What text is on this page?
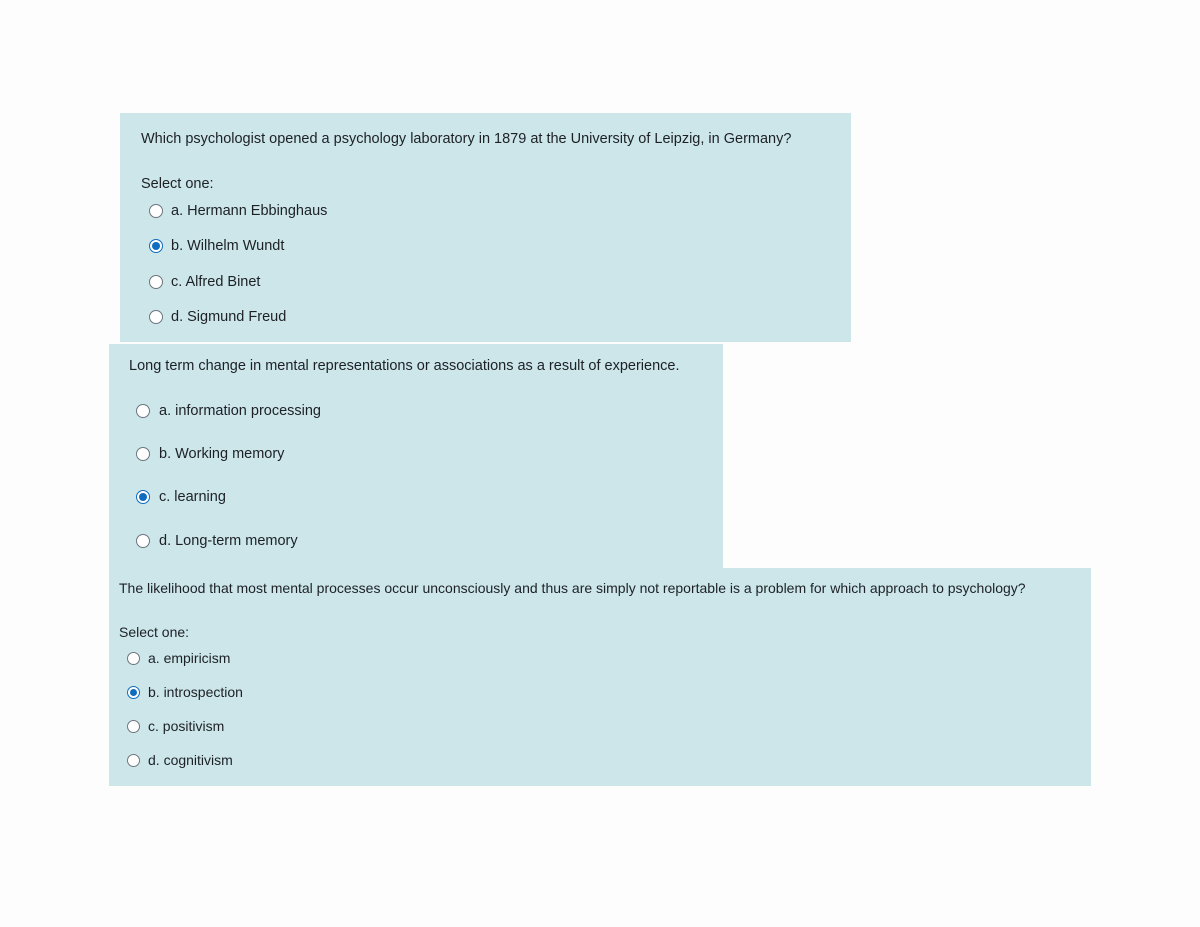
Which psychologist opened a psychology laboratory in 1879 at the University of Leipzig, in Germany?
Select one:
a. Hermann Ebbinghaus
b. Wilhelm Wundt
c. Alfred Binet
d. Sigmund Freud
Long term change in mental representations or associations as a result of experience.
a. information processing
b. Working memory
c. learning
d. Long-term memory
The likelihood that most mental processes occur unconsciously and thus are simply not reportable is a problem for which approach to psychology?
Select one:
a. empiricism
b. introspection
c. positivism
d. cognitivism
